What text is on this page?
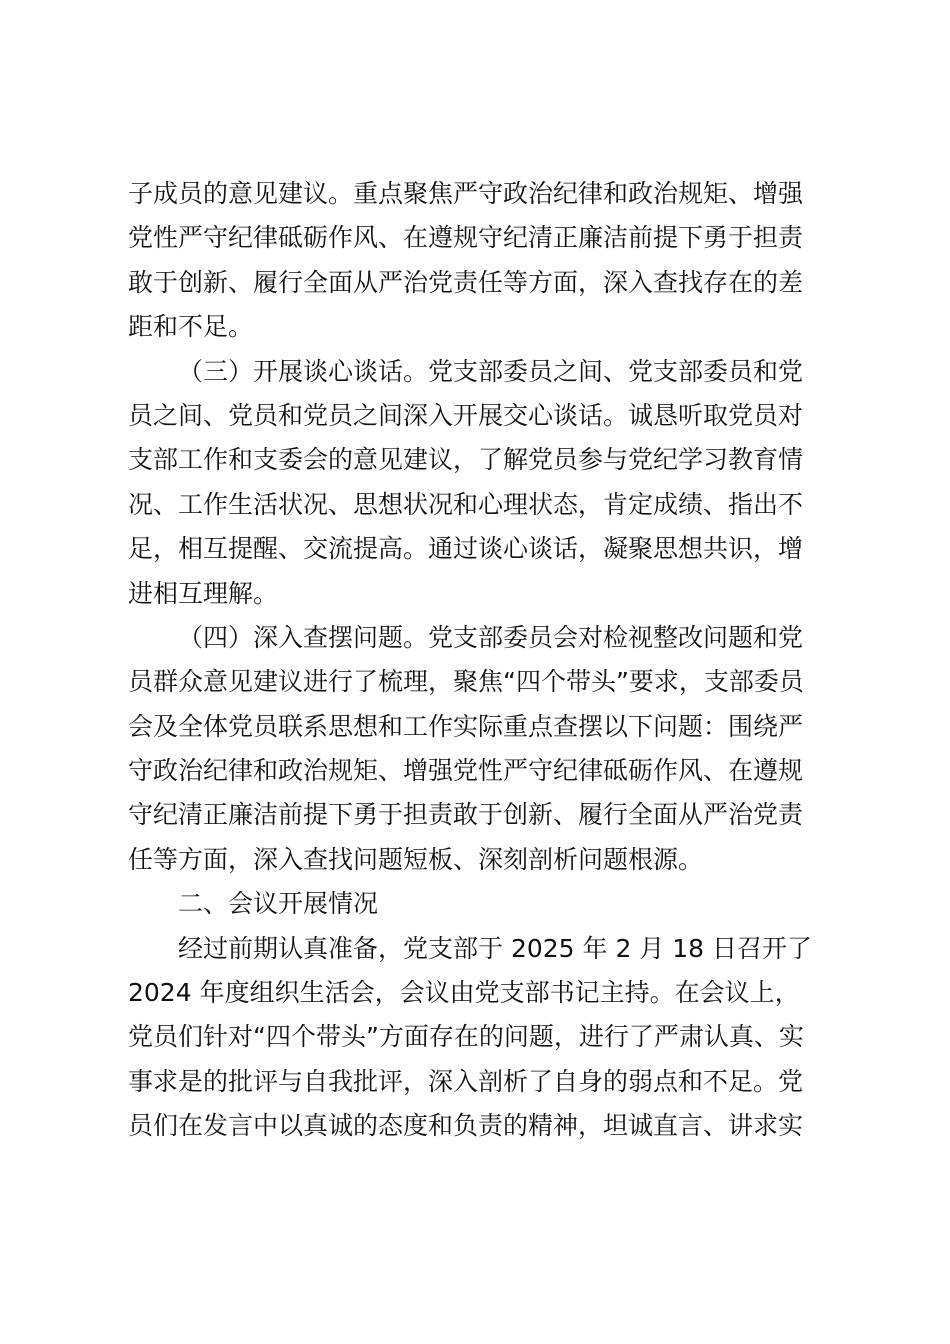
子成员的意见建议。重点聚焦严守政治纪律和政治规矩、增强
党性严守纪律砥砺作风、在遵规守纪清正廉洁前提下勇于担责
敢于创新、履行全面从严治党责任等方面，深入查找存在的差
距和不足。
（三）开展谈心谈话。党支部委员之间、党支部委员和党
员之间、党员和党员之间深入开展交心谈话。诚恳听取党员对
支部工作和支委会的意见建议，了解党员参与党纪学习教育情
况、工作生活状况、思想状况和心理状态，肯定成绩、指出不
足，相互提醒、交流提高。通过谈心谈话，凝聚思想共识，增
进相互理解。
（四）深入查摆问题。党支部委员会对检视整改问题和党
员群众意见建议进行了梳理，聚焦“四个带头”要求，支部委员
会及全体党员联系思想和工作实际重点查摆以下问题：围绕严
守政治纪律和政治规矩、增强党性严守纪律砥砺作风、在遵规
守纪清正廉洁前提下勇于担责敢于创新、履行全面从严治党责
任等方面，深入查找问题短板、深刻剖析问题根源。
二、会议开展情况
经过前期认真准备，党支部于 2025 年 2 月 18 日召开了
2024 年度组织生活会，会议由党支部书记主持。在会议上，
党员们针对“四个带头”方面存在的问题，进行了严肃认真、实
事求是的批评与自我批评，深入剖析了自身的弱点和不足。党
员们在发言中以真诚的态度和负责的精神，坦诚直言、讲求实
